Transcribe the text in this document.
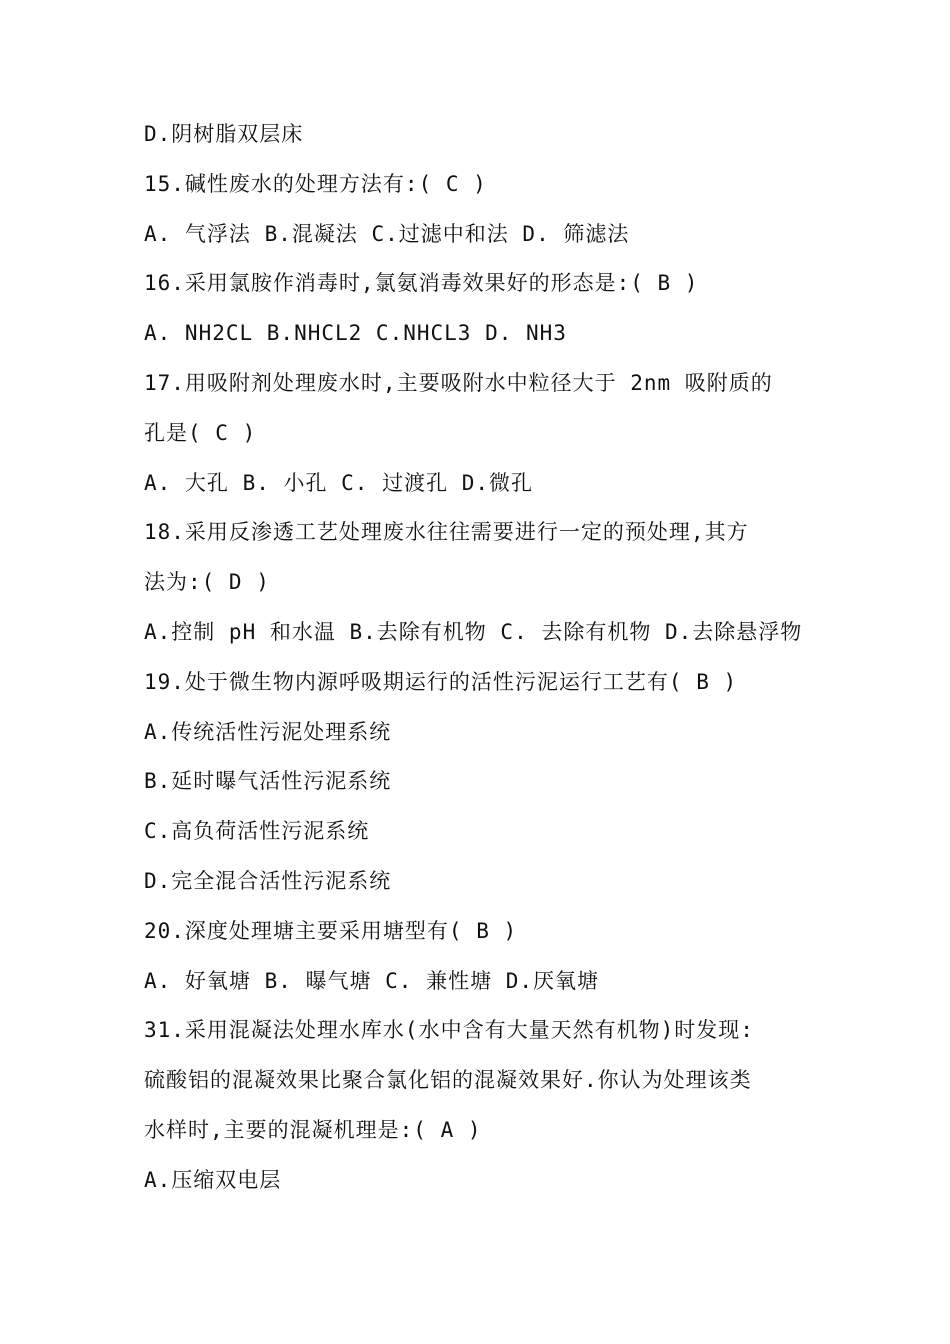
D.阴树脂双层床
15.碱性废水的处理方法有:( C )
A. 气浮法 B.混凝法 C.过滤中和法 D. 筛滤法
16.采用氯胺作消毒时,氯氨消毒效果好的形态是:( B )
A. NH2CL B.NHCL2 C.NHCL3 D. NH3
17.用吸附剂处理废水时,主要吸附水中粒径大于 2nm 吸附质的
孔是( C )
A. 大孔 B. 小孔 C. 过渡孔 D.微孔
18.采用反渗透工艺处理废水往往需要进行一定的预处理,其方
法为:( D )
A.控制 pH 和水温 B.去除有机物 C. 去除有机物 D.去除悬浮物
19.处于微生物内源呼吸期运行的活性污泥运行工艺有( B )
A.传统活性污泥处理系统
B.延时曝气活性污泥系统
C.高负荷活性污泥系统
D.完全混合活性污泥系统
20.深度处理塘主要采用塘型有( B )
A. 好氧塘 B. 曝气塘 C. 兼性塘 D.厌氧塘
31.采用混凝法处理水库水(水中含有大量天然有机物)时发现:
硫酸铝的混凝效果比聚合氯化铝的混凝效果好.你认为处理该类
水样时,主要的混凝机理是:( A )
A.压缩双电层
